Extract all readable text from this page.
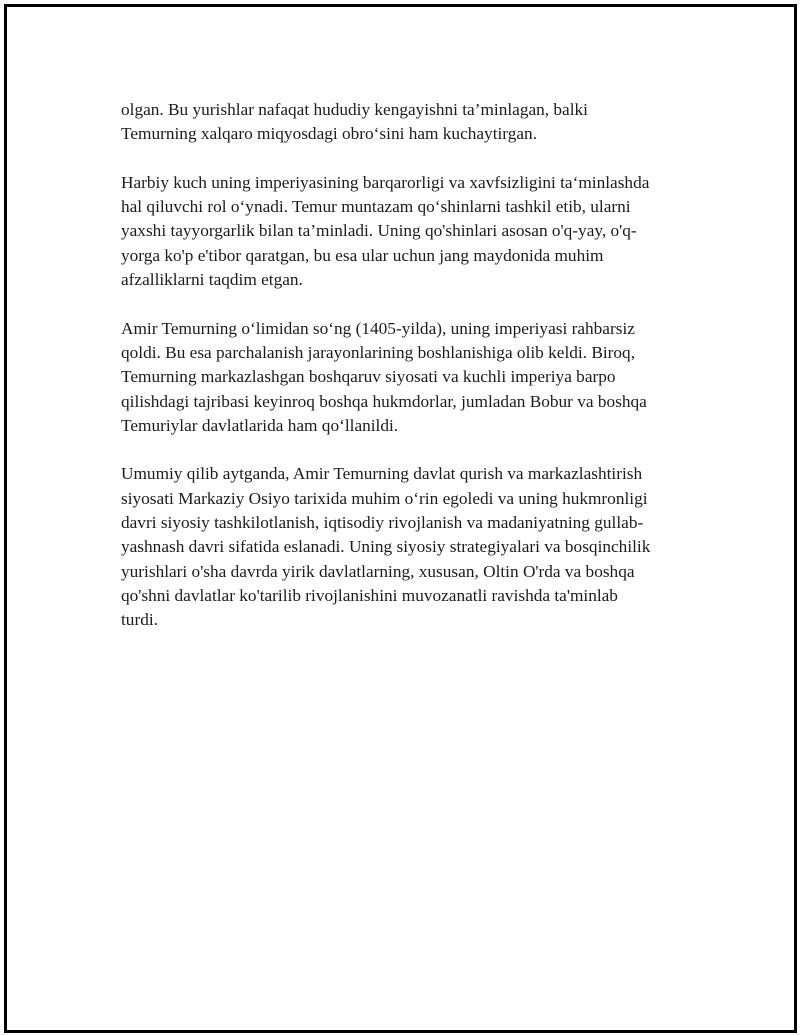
olgan. Bu yurishlar nafaqat hududiy kengayishni ta’minlagan, balki
Temurning xalqaro miqyosdagi obro‘sini ham kuchaytirgan.

Harbiy kuch uning imperiyasining barqarorligi va xavfsizligini ta‘minlashda
hal qiluvchi rol o‘ynadi. Temur muntazam qo‘shinlarni tashkil etib, ularni
yaxshi tayyorgarlik bilan ta’minladi. Uning qo'shinlari asosan o'q-yay, o'q-
yorga ko'p e'tibor qaratgan, bu esa ular uchun jang maydonida muhim
afzalliklarni taqdim etgan.

Amir Temurning o‘limidan so‘ng (1405-yilda), uning imperiyasi rahbarsiz
qoldi. Bu esa parchalanish jarayonlarining boshlanishiga olib keldi. Biroq,
Temurning markazlashgan boshqaruv siyosati va kuchli imperiya barpo
qilishdagi tajribasi keyinroq boshqa hukmdorlar, jumladan Bobur va boshqa
Temuriylar davlatlarida ham qo‘llanildi.

Umumiy qilib aytganda, Amir Temurning davlat qurish va markazlashtirish
siyosati Markaziy Osiyo tarixida muhim o‘rin egoledi va uning hukmronligi
davri siyosiy tashkilotlanish, iqtisodiy rivojlanish va madaniyatning gullab-
yashnash davri sifatida eslanadi. Uning siyosiy strategiyalari va bosqinchilik
yurishlari o'sha davrda yirik davlatlarning, xususan, Oltin O'rda va boshqa
qo'shni davlatlar ko'tarilib rivojlanishini muvozanatli ravishda ta'minlab
turdi.
